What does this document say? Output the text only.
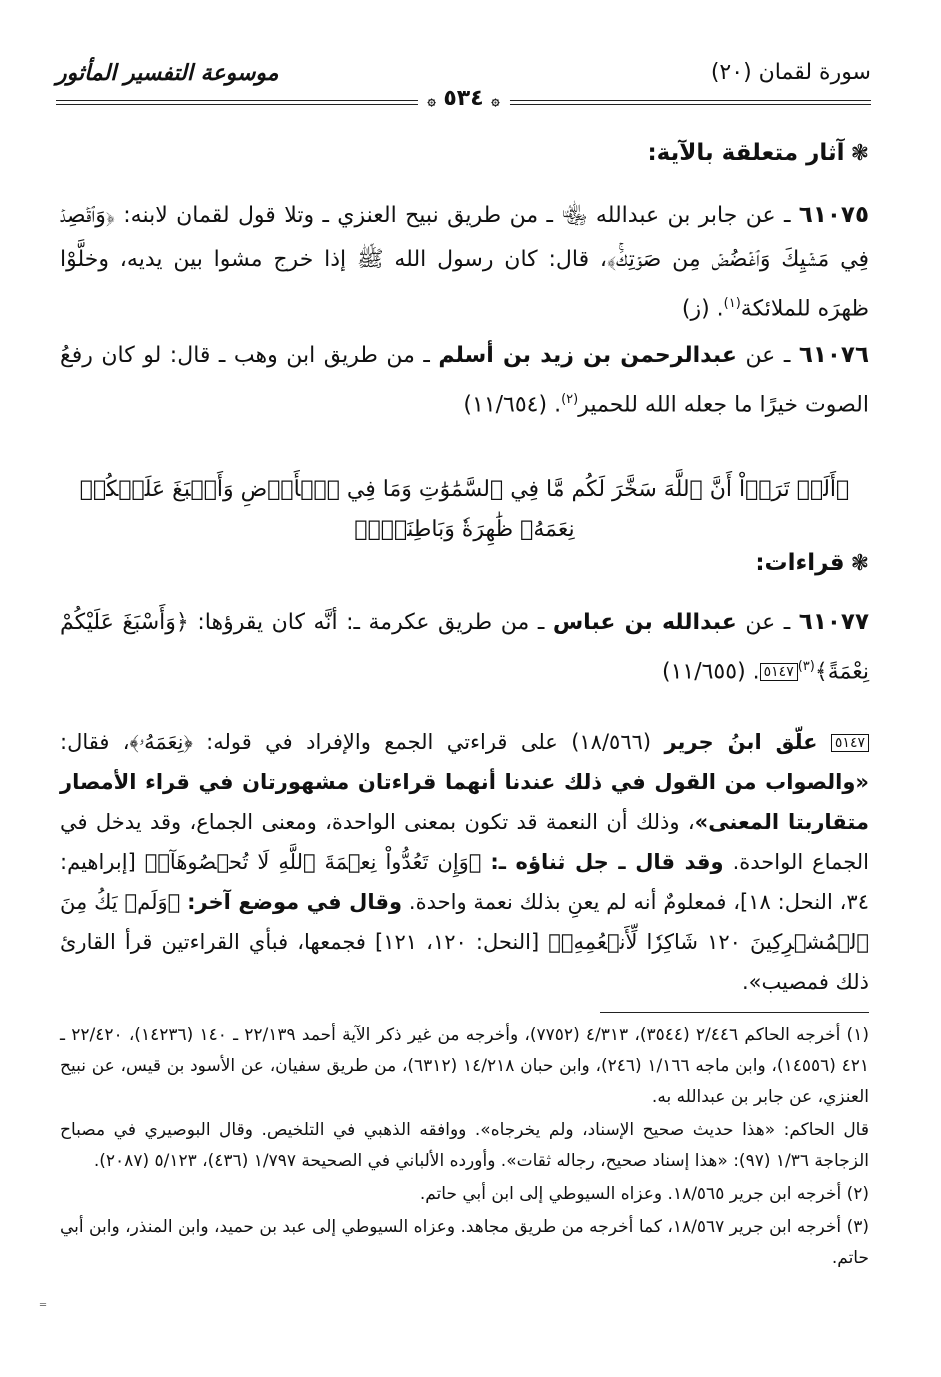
سورة لقمان (٢٠)
موسوعة التفسير المأثور
۞ ٥٣٤ ۞
❃آثار متعلقة بالآية:
٦١٠٧٥ ـ عن جابر بن عبدالله ﵄ ـ من طريق نبيح العنزي ـ وتلا قول لقمان لابنه: ﴿وَٱقۡصِدۡ فِي مَشۡيِكَ وَٱغۡضُضۡ مِن صَوۡتِكَۚ﴾، قال: كان رسول الله ﷺ إذا خرج مشوا بين يديه، وخلَّوْا ظهرَه للملائكة$^{(١)}$. (ز)
٦١٠٧٦ ـ عن عبدالرحمن بن زيد بن أسلم ـ من طريق ابن وهب ـ قال: لو كان رفعُ الصوت خيرًا ما جعله الله للحمير$^{(٢)}$. (١١/٦٥٤)
﴿أَلَمۡ تَرَوۡاْ أَنَّ ٱللَّهَ سَخَّرَ لَكُم مَّا فِي ٱلسَّمَٰوَٰتِ وَمَا فِي ٱلۡأَرۡضِ وَأَسۡبَغَ عَلَيۡكُمۡ نِعَمَهُۥ ظَٰهِرَةٗ وَبَاطِنَةٗۗ﴾
❃قراءات:
٦١٠٧٧ ـ عن عبدالله بن عباس ـ من طريق عكرمة ـ: أنَّه كان يقرؤها: ﴿وَأَسْبَغَ عَلَيْكُمْ نِعْمَةً﴾$^{(٣)}$٥١٤٧. (١١/٦٥٥)
٥١٤٧ علّق ابنُ جرير (١٨/٥٦٦) على قراءتي الجمع والإفراد في قوله: ﴿نِعَمَهُۥ﴾، فقال: «والصواب من القول في ذلك عندنا أنهما قراءتان مشهورتان في قراء الأمصار متقاربتا المعنى»، وذلك أن النعمة قد تكون بمعنى الواحدة، ومعنى الجماع، وقد يدخل في الجماع الواحدة. وقد قال ـ جل ثناؤه ـ: ﴿وَإِن تَعُدُّواْ نِعۡمَةَ ٱللَّهِ لَا تُحۡصُوهَآۗ﴾ [إبراهيم: ٣٤، النحل: ١٨]، فمعلومٌ أنه لم يعنِ بذلك نعمة واحدة. وقال في موضع آخر: ﴿وَلَمۡ يَكُ مِنَ ٱلۡمُشۡرِكِينَ ١٢٠ شَاكِرٗا لِّأَنۡعُمِهِۚ﴾ [النحل: ١٢٠، ١٢١] فجمعها، فبأي القراءتين قرأ القارئ ذلك فمصيب».
(١) أخرجه الحاكم ٢/٤٤٦ (٣٥٤٤)، ٤/٣١٣ (٧٧٥٢)، وأخرجه من غير ذكر الآية أحمد ٢٢/١٣٩ ـ ١٤٠ (١٤٢٣٦)، ٢٢/٤٢٠ ـ ٤٢١ (١٤٥٥٦)، وابن ماجه ١/١٦٦ (٢٤٦)، وابن حبان ١٤/٢١٨ (٦٣١٢)، من طريق سفيان، عن الأسود بن قيس، عن نبيح العنزي، عن جابر بن عبدالله به.
قال الحاكم: «هذا حديث صحيح الإسناد، ولم يخرجاه». ووافقه الذهبي في التلخيص. وقال البوصيري في مصباح الزجاجة ١/٣٦ (٩٧): «هذا إسناد صحيح، رجاله ثقات». وأورده الألباني في الصحيحة ١/٧٩٧ (٤٣٦)، ٥/١٢٣ (٢٠٨٧).
(٢) أخرجه ابن جرير ١٨/٥٦٥. وعزاه السيوطي إلى ابن أبي حاتم.
(٣) أخرجه ابن جرير ١٨/٥٦٧، كما أخرجه من طريق مجاهد. وعزاه السيوطي إلى عبد بن حميد، وابن المنذر، وابن أبي حاتم.
═
